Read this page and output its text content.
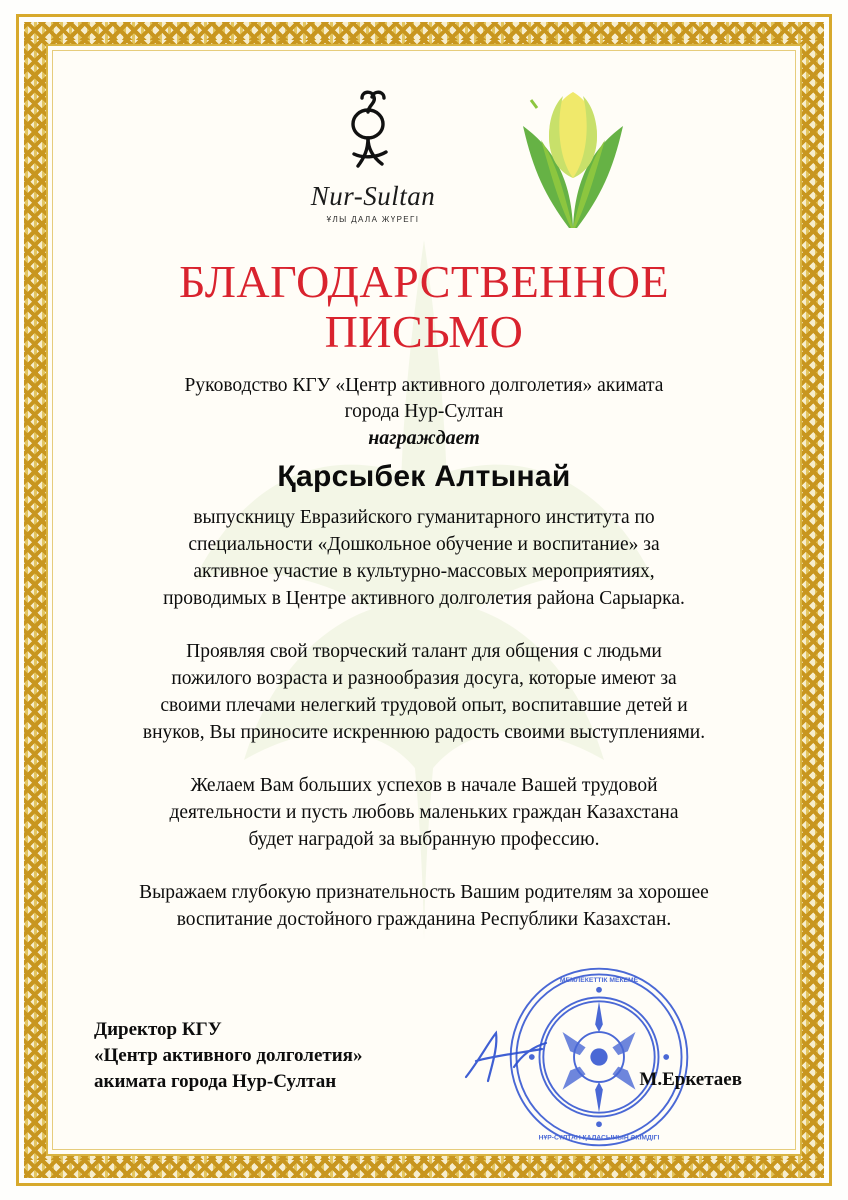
Nur-Sultan
ҰЛЫ ДАЛА ЖҮРЕГІ
БЛАГОДАРСТВЕННОЕ
ПИСЬМО
Руководство КГУ «Центр активного долголетия» акимата
города Нур-Султан
награждает
Қарсыбек Алтынай
выпускницу Евразийского гуманитарного института по
специальности «Дошкольное обучение и воспитание» за
активное участие в культурно-массовых мероприятиях,
проводимых в Центре активного долголетия района Сарыарка.
Проявляя свой творческий талант для общения с людьми
пожилого возраста и разнообразия досуга, которые имеют за
своими плечами нелегкий трудовой опыт, воспитавшие детей и
внуков, Вы приносите искреннюю радость своими выступлениями.
Желаем Вам больших успехов в начале Вашей трудовой
деятельности и пусть любовь маленьких граждан Казахстана
будет наградой за выбранную профессию.
Выражаем глубокую признательность Вашим родителям за хорошее
воспитание достойного гражданина Республики Казахстан.
Директор КГУ
«Центр активного долголетия»
акимата города Нур-Султан
МЕМЛЕКЕТТІК МЕКЕМЕ
НҰР-СҰЛТАН ҚАЛАСЫНЫҢ ӘКІМДІГІ
М.Еркетаев
